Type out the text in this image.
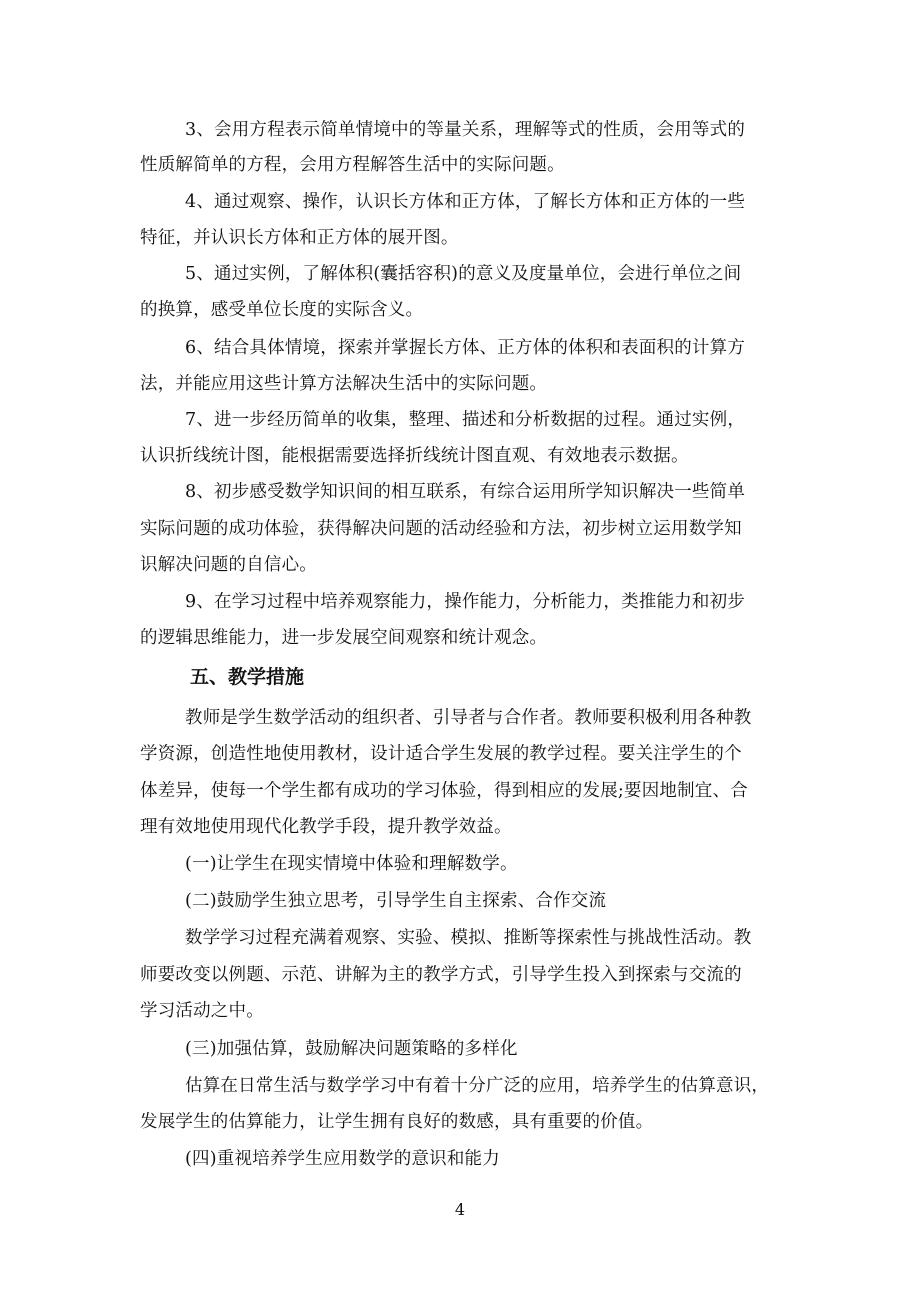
3、会用方程表示简单情境中的等量关系，理解等式的性质，会用等式的
性质解简单的方程，会用方程解答生活中的实际问题。
4、通过观察、操作，认识长方体和正方体，了解长方体和正方体的一些
特征，并认识长方体和正方体的展开图。
5、通过实例，了解体积(囊括容积)的意义及度量单位，会进行单位之间
的换算，感受单位长度的实际含义。
6、结合具体情境，探索并掌握长方体、正方体的体积和表面积的计算方
法，并能应用这些计算方法解决生活中的实际问题。
7、进一步经历简单的收集，整理、描述和分析数据的过程。通过实例，
认识折线统计图，能根据需要选择折线统计图直观、有效地表示数据。
8、初步感受数学知识间的相互联系，有综合运用所学知识解决一些简单
实际问题的成功体验，获得解决问题的活动经验和方法，初步树立运用数学知
识解决问题的自信心。
9、在学习过程中培养观察能力，操作能力，分析能力，类推能力和初步
的逻辑思维能力，进一步发展空间观察和统计观念。
五、教学措施
教师是学生数学活动的组织者、引导者与合作者。教师要积极利用各种教
学资源，创造性地使用教材，设计适合学生发展的教学过程。要关注学生的个
体差异，使每一个学生都有成功的学习体验，得到相应的发展;要因地制宜、合
理有效地使用现代化教学手段，提升教学效益。
(一)让学生在现实情境中体验和理解数学。
(二)鼓励学生独立思考，引导学生自主探索、合作交流
数学学习过程充满着观察、实验、模拟、推断等探索性与挑战性活动。教
师要改变以例题、示范、讲解为主的教学方式，引导学生投入到探索与交流的
学习活动之中。
(三)加强估算，鼓励解决问题策略的多样化
估算在日常生活与数学学习中有着十分广泛的应用，培养学生的估算意识，
发展学生的估算能力，让学生拥有良好的数感，具有重要的价值。
(四)重视培养学生应用数学的意识和能力
4
